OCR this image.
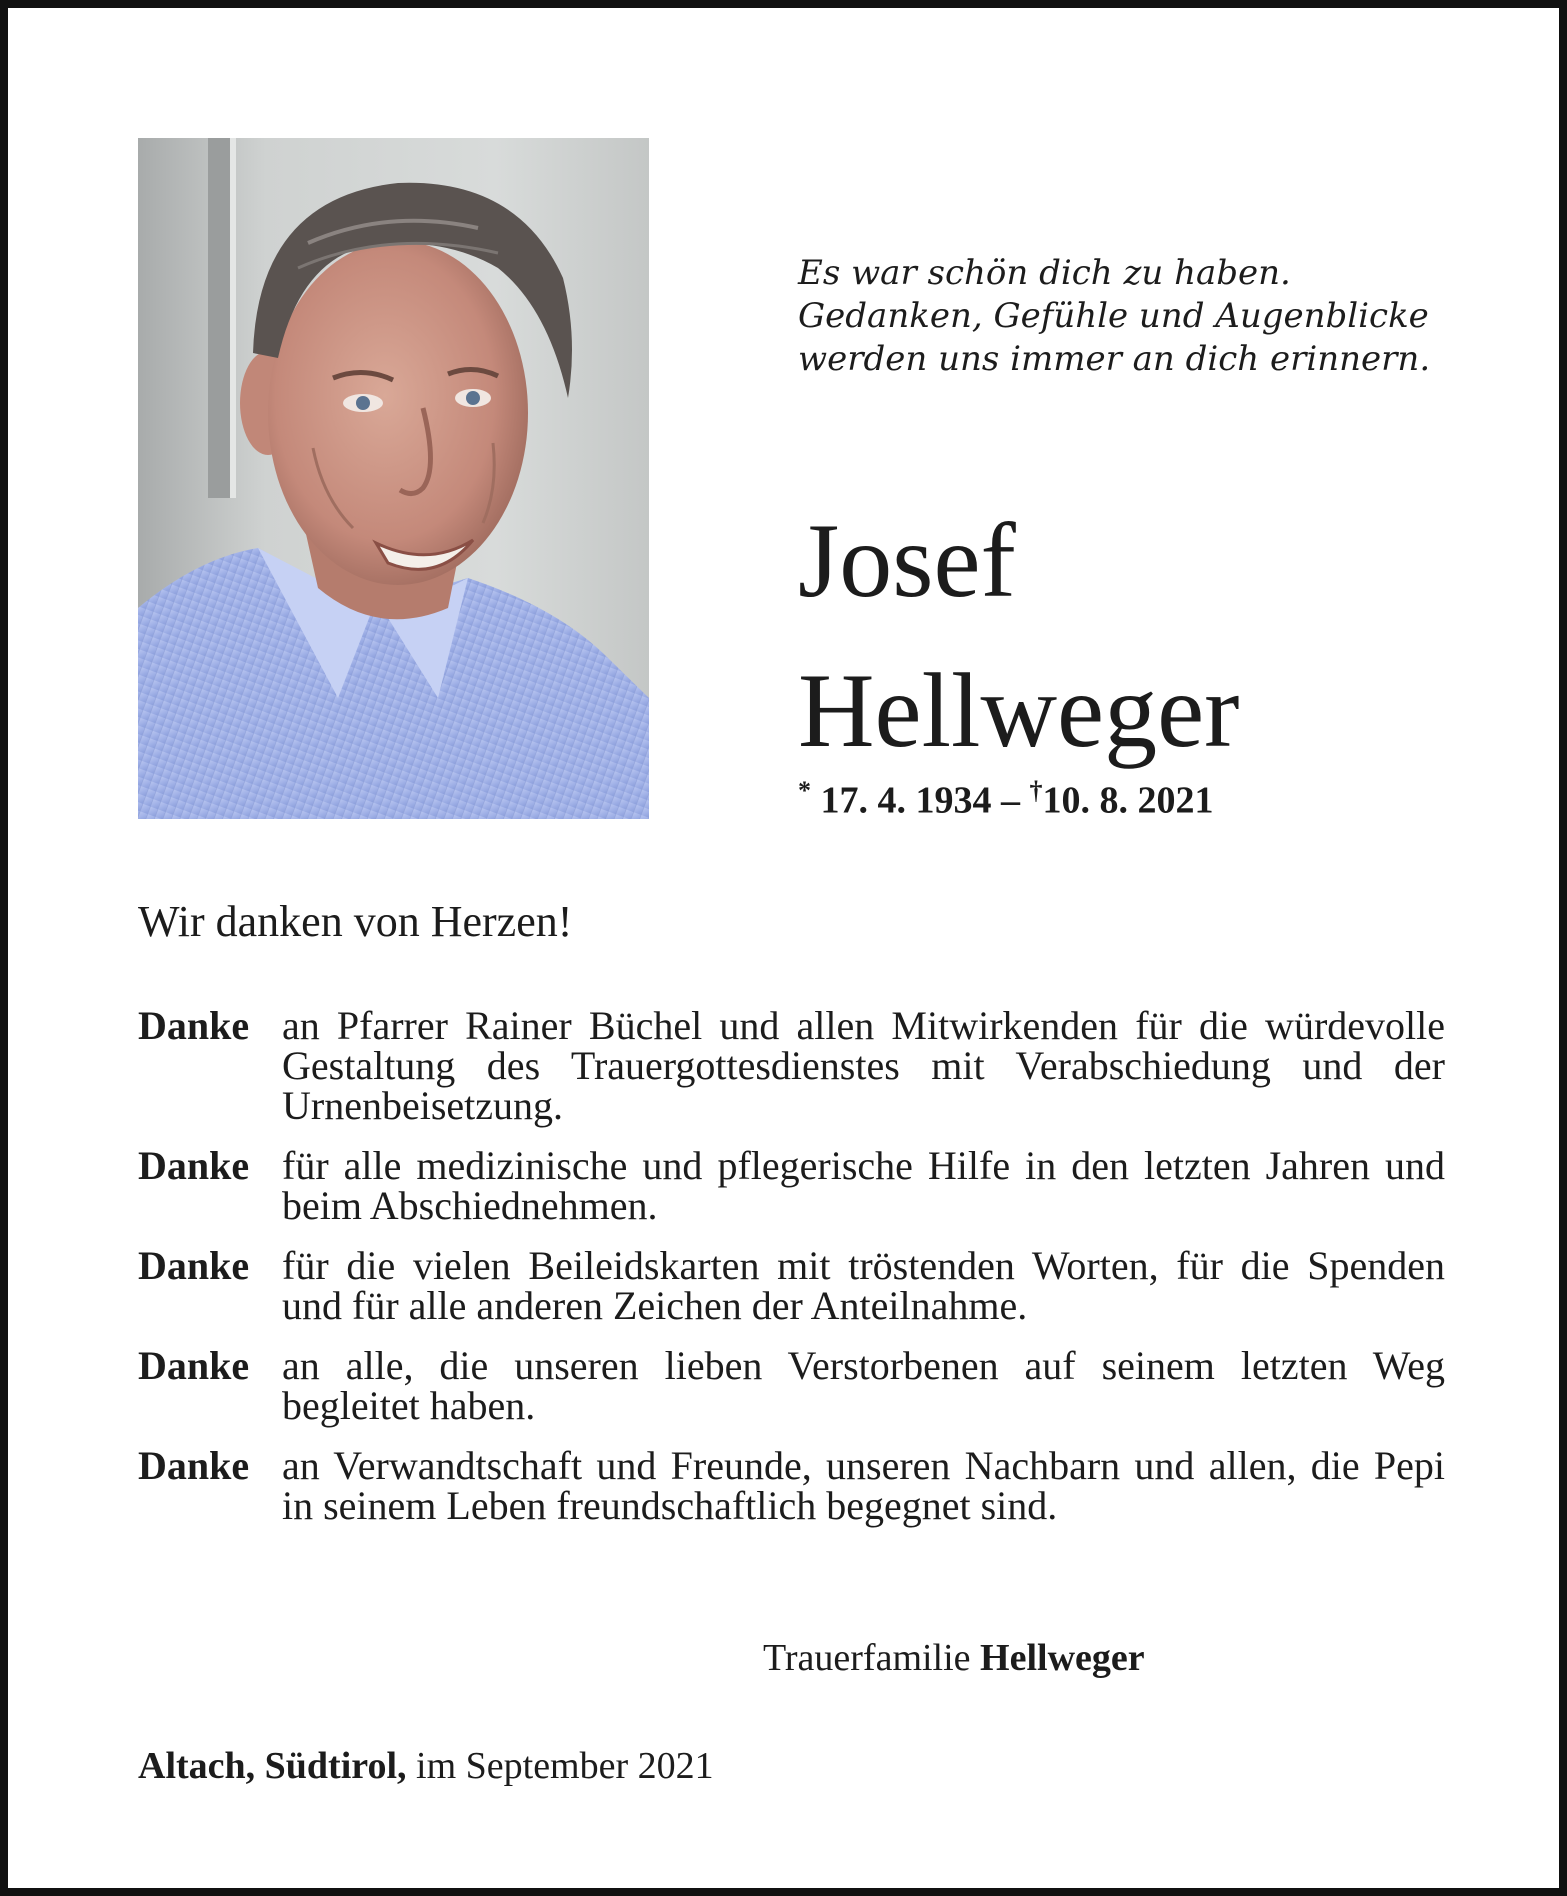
Es war schön dich zu haben.
Gedanken, Gefühle und Augenblicke
werden uns immer an dich erinnern.
Josef
Hellweger
* 17. 4. 1934 – †10. 8. 2021
Wir danken von Herzen!
Danke an Pfarrer Rainer Büchel und allen Mitwirkenden für die würdevolle Gestaltung des Trauergottesdienstes mit Verabschiedung und der Urnenbeisetzung.
Danke für alle medizinische und pflegerische Hilfe in den letzten Jahren und beim Abschiednehmen.
Danke für die vielen Beileidskarten mit tröstenden Worten, für die Spenden und für alle anderen Zeichen der Anteilnahme.
Danke an alle, die unseren lieben Verstorbenen auf seinem letzten Weg begleitet haben.
Danke an Verwandtschaft und Freunde, unseren Nachbarn und allen, die Pepi in seinem Leben freundschaftlich begegnet sind.
Trauerfamilie Hellweger
Altach, Südtirol, im September 2021
